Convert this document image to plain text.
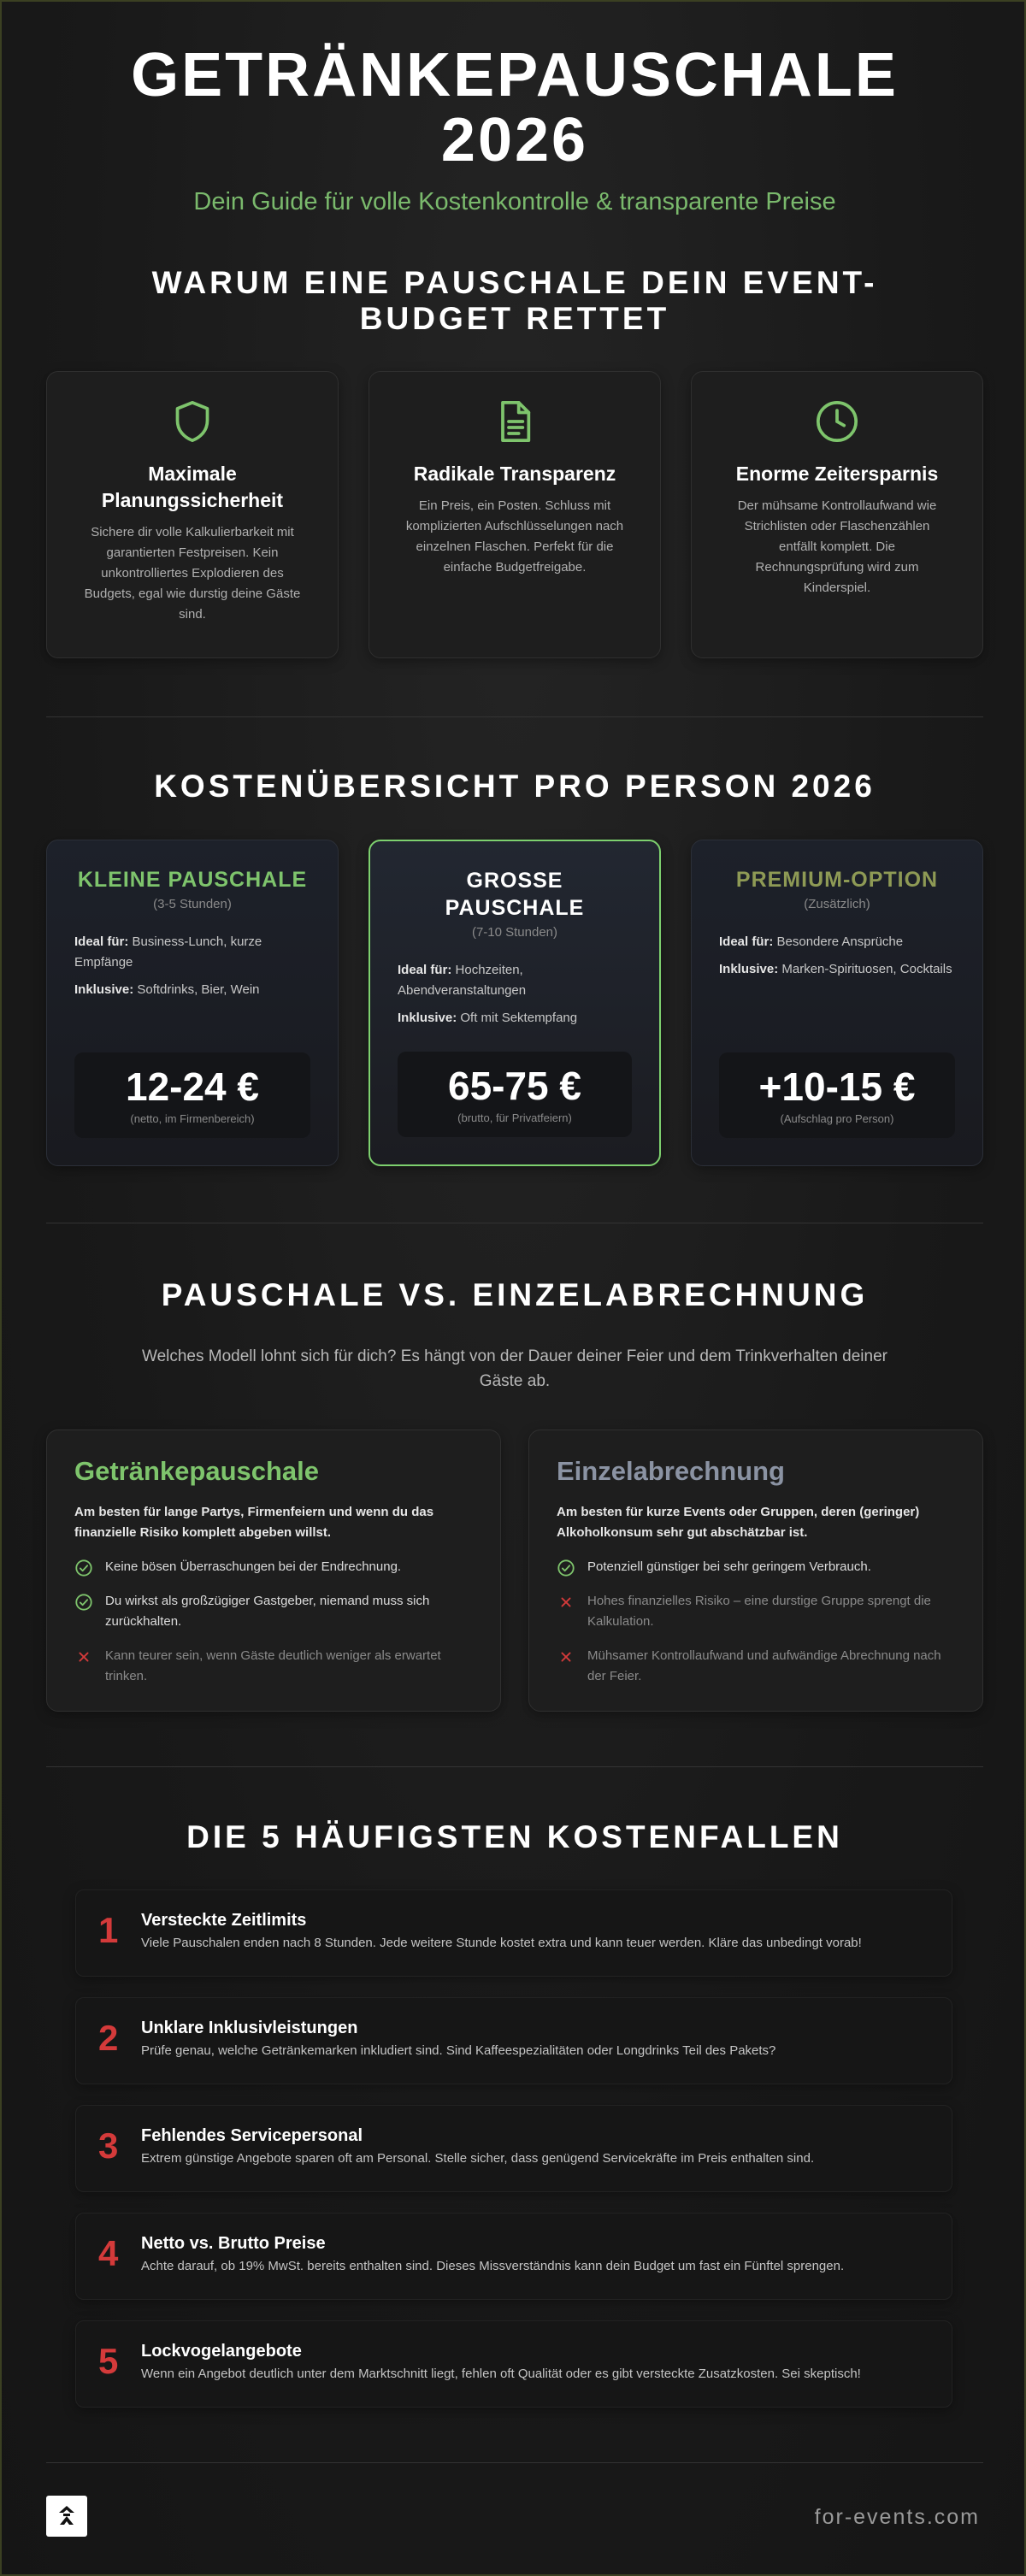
GETRÄNKEPAUSCHALE 2026
Dein Guide für volle Kostenkontrolle & transparente Preise
WARUM EINE PAUSCHALE DEIN EVENT-BUDGET RETTET
Maximale Planungssicherheit

Sichere dir volle Kalkulierbarkeit mit garantierten Festpreisen. Kein unkontrolliertes Explodieren des Budgets, egal wie durstig deine Gäste sind.

Radikale Transparenz

Ein Preis, ein Posten. Schluss mit komplizierten Aufschlüsselungen nach einzelnen Flaschen. Perfekt für die einfache Budgetfreigabe.

Enorme Zeitersparnis

Der mühsame Kontrollaufwand wie Strichlisten oder Flaschenzählen entfällt komplett. Die Rechnungsprüfung wird zum Kinderspiel.

KOSTENÜBERSICHT PRO PERSON 2026
KLEINE PAUSCHALE
(3-5 Stunden)
Ideal für: Business-Lunch, kurze Empfänge
Inklusive: Softdrinks, Bier, Wein
12-24 €
(netto, im Firmenbereich)
GROSSE PAUSCHALE
(7-10 Stunden)
Ideal für: Hochzeiten, Abendveranstaltungen
Inklusive: Oft mit Sektempfang
65-75 €
(brutto, für Privatfeiern)
PREMIUM-OPTION
(Zusätzlich)
Ideal für: Besondere Ansprüche
Inklusive: Marken-Spirituosen, Cocktails
+10-15 €
(Aufschlag pro Person)
PAUSCHALE VS. EINZELABRECHNUNG
Welches Modell lohnt sich für dich? Es hängt von der Dauer deiner Feier und dem Trinkverhalten deiner Gäste ab.
Getränkepauschale
Am besten für lange Partys, Firmenfeiern und wenn du das finanzielle Risiko komplett abgeben willst.
Keine bösen Überraschungen bei der Endrechnung.
Du wirkst als großzügiger Gastgeber, niemand muss sich zurückhalten.
Kann teurer sein, wenn Gäste deutlich weniger als erwartet trinken.
Einzelabrechnung
Am besten für kurze Events oder Gruppen, deren (geringer) Alkoholkonsum sehr gut abschätzbar ist.
Potenziell günstiger bei sehr geringem Verbrauch.
Hohes finanzielles Risiko – eine durstige Gruppe sprengt die Kalkulation.
Mühsamer Kontrollaufwand und aufwändige Abrechnung nach der Feier.
DIE 5 HÄUFIGSTEN KOSTENFALLEN
1 Versteckte Zeitlimits

Viele Pauschalen enden nach 8 Stunden. Jede weitere Stunde kostet extra und kann teuer werden. Kläre das unbedingt vorab!

2 Unklare Inklusivleistungen

Prüfe genau, welche Getränkemarken inkludiert sind. Sind Kaffeespezialitäten oder Longdrinks Teil des Pakets?

3 Fehlendes Servicepersonal

Extrem günstige Angebote sparen oft am Personal. Stelle sicher, dass genügend Servicekräfte im Preis enthalten sind.

4 Netto vs. Brutto Preise

Achte darauf, ob 19% MwSt. bereits enthalten sind. Dieses Missverständnis kann dein Budget um fast ein Fünftel sprengen.

5 Lockvogelangebote

Wenn ein Angebot deutlich unter dem Marktschnitt liegt, fehlen oft Qualität oder es gibt versteckte Zusatzkosten. Sei skeptisch!

for-events.com
